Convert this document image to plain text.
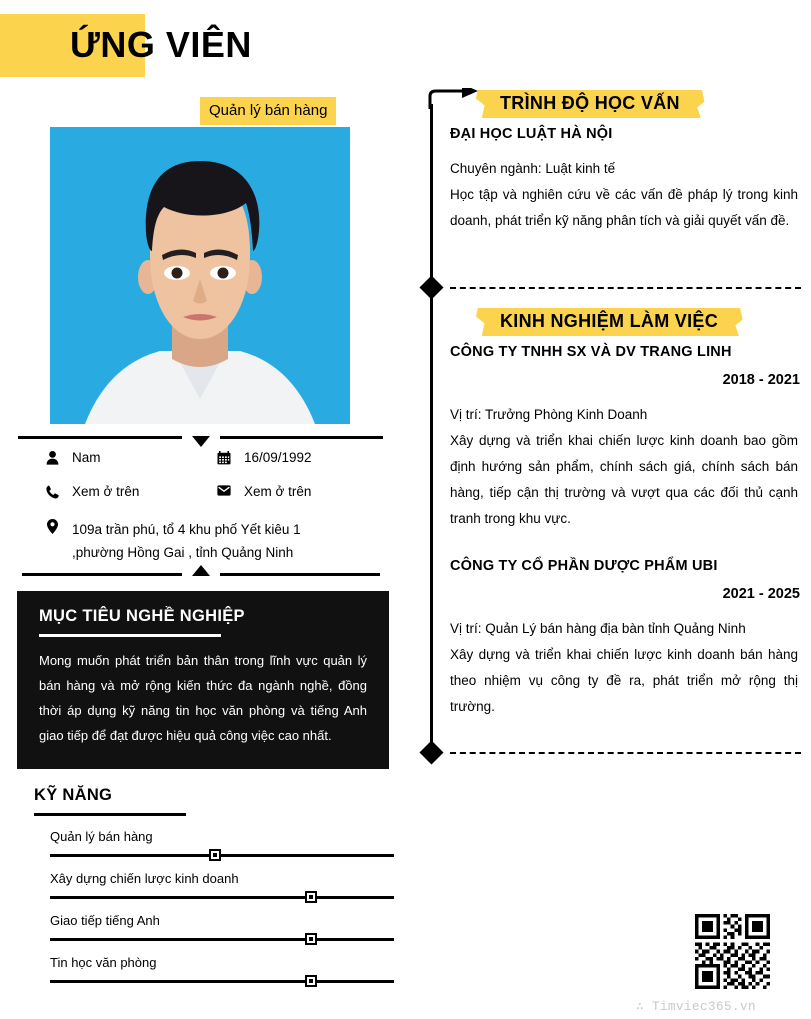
ỨNG VIÊN
Quản lý bán hàng
Nam	16/09/1992
Xem ở trên	Xem ở trên
109a trần phú, tổ 4 khu phố Yết kiêu 1
,phường Hồng Gai , tỉnh Quảng Ninh
MỤC TIÊU NGHỀ NGHIỆP
Mong muốn phát triển bản thân trong lĩnh vực quản lý bán hàng và mở rộng kiến thức đa ngành nghề, đồng thời áp dụng kỹ năng tin học văn phòng và tiếng Anh giao tiếp để đạt được hiệu quả công việc cao nhất.
KỸ NĂNG
Quản lý bán hàng
Xây dựng chiến lược kinh doanh
Giao tiếp tiếng Anh
Tin học văn phòng
TRÌNH ĐỘ HỌC VẤN
ĐẠI HỌC LUẬT HÀ NỘI
Chuyên ngành: Luật kinh tế
Học tập và nghiên cứu về các vấn đề pháp lý trong kinh doanh, phát triển kỹ năng phân tích và giải quyết vấn đề.
KINH NGHIỆM LÀM VIỆC
CÔNG TY TNHH SX VÀ DV TRANG LINH
2018 - 2021
Vị trí: Trưởng Phòng Kinh Doanh
Xây dựng và triển khai chiến lược kinh doanh bao gồm định hướng sản phẩm, chính sách giá, chính sách bán hàng, tiếp cận thị trường và vượt qua các đối thủ cạnh tranh trong khu vực.
CÔNG TY CỔ PHẦN DƯỢC PHẨM UBI
2021 - 2025
Vị trí: Quản Lý bán hàng địa bàn tỉnh Quảng Ninh
Xây dựng và triển khai chiến lược kinh doanh bán hàng theo nhiệm vụ công ty đề ra, phát triển mở rộng thị trường.
∴ Timviec365.vn
